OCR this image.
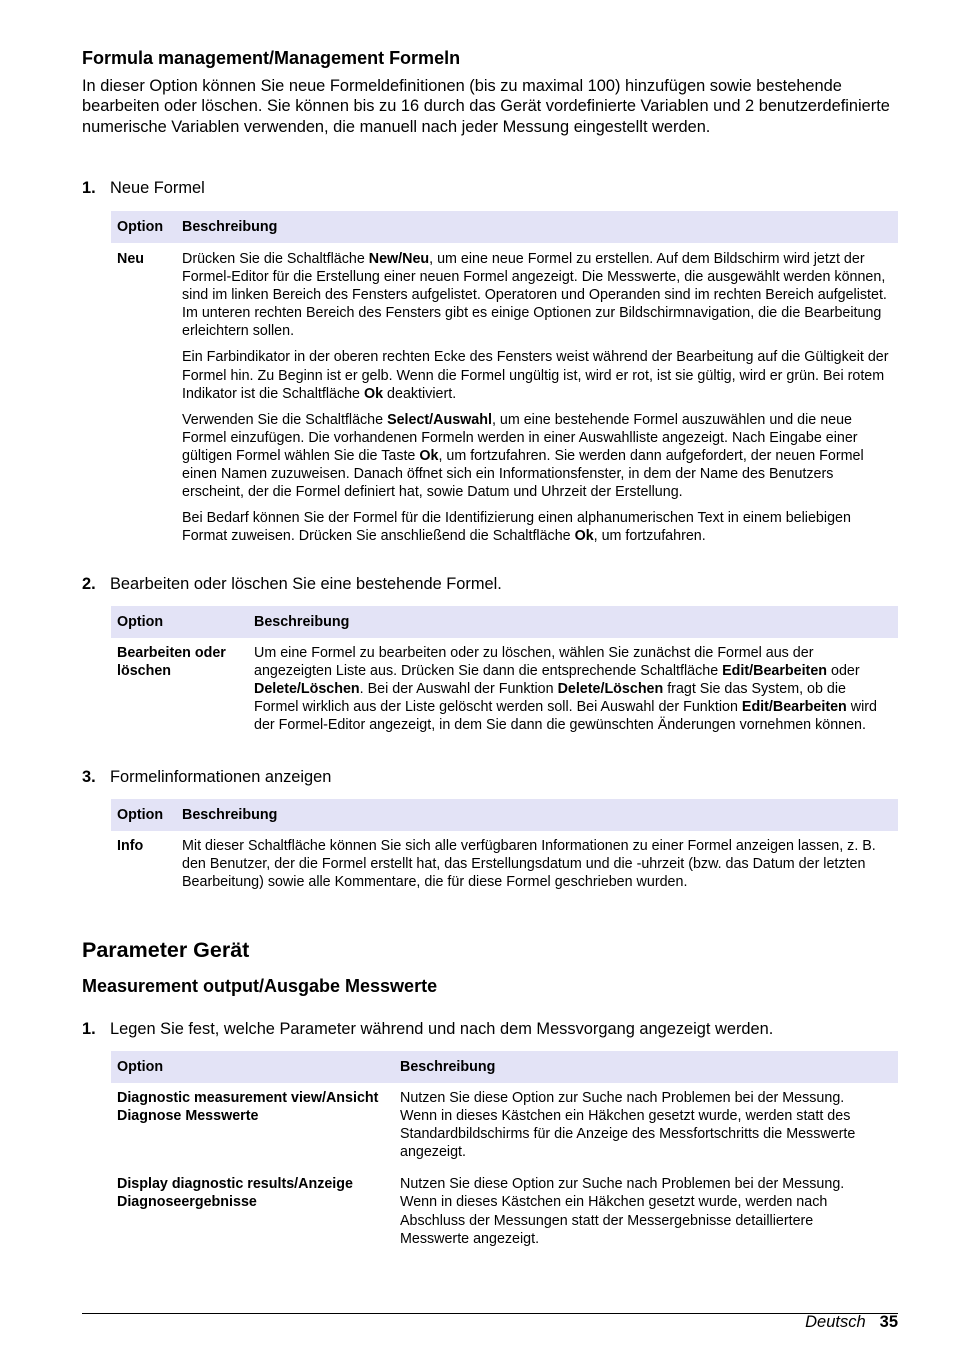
Formula management/Management Formeln

In dieser Option können Sie neue Formeldefinitionen (bis zu maximal 100) hinzufügen sowie bestehende bearbeiten oder löschen. Sie können bis zu 16 durch das Gerät vordefinierte Variablen und 2 benutzerdefinierte numerische Variablen verwenden, die manuell nach jeder Messung eingestellt werden.

1. Neue Formel
Option	Beschreibung
Neu	Drücken Sie die Schaltfläche New/Neu, um eine neue Formel zu erstellen. Auf dem Bildschirm wird jetzt der Formel-Editor für die Erstellung einer neuen Formel angezeigt. Die Messwerte, die ausgewählt werden können, sind im linken Bereich des Fensters aufgelistet. Operatoren und Operanden sind im rechten Bereich aufgelistet. Im unteren rechten Bereich des Fensters gibt es einige Optionen zur Bildschirmnavigation, die die Bearbeitung erleichtern sollen.
Ein Farbindikator in der oberen rechten Ecke des Fensters weist während der Bearbeitung auf die Gültigkeit der Formel hin. Zu Beginn ist er gelb. Wenn die Formel ungültig ist, wird er rot, ist sie gültig, wird er grün. Bei rotem Indikator ist die Schaltfläche Ok deaktiviert.
Verwenden Sie die Schaltfläche Select/Auswahl, um eine bestehende Formel auszuwählen und die neue Formel einzufügen. Die vorhandenen Formeln werden in einer Auswahlliste angezeigt. Nach Eingabe einer gültigen Formel wählen Sie die Taste Ok, um fortzufahren. Sie werden dann aufgefordert, der neuen Formel einen Namen zuzuweisen. Danach öffnet sich ein Informationsfenster, in dem der Name des Benutzers erscheint, der die Formel definiert hat, sowie Datum und Uhrzeit der Erstellung.
Bei Bedarf können Sie der Formel für die Identifizierung einen alphanumerischen Text in einem beliebigen Format zuweisen. Drücken Sie anschließend die Schaltfläche Ok, um fortzufahren.
2. Bearbeiten oder löschen Sie eine bestehende Formel.
Option	Beschreibung
Bearbeiten oder löschen	Um eine Formel zu bearbeiten oder zu löschen, wählen Sie zunächst die Formel aus der angezeigten Liste aus. Drücken Sie dann die entsprechende Schaltfläche Edit/Bearbeiten oder Delete/Löschen. Bei der Auswahl der Funktion Delete/Löschen fragt Sie das System, ob die Formel wirklich aus der Liste gelöscht werden soll. Bei Auswahl der Funktion Edit/Bearbeiten wird der Formel-Editor angezeigt, in dem Sie dann die gewünschten Änderungen vornehmen können.
3. Formelinformationen anzeigen
Option	Beschreibung
Info	Mit dieser Schaltfläche können Sie sich alle verfügbaren Informationen zu einer Formel anzeigen lassen, z. B. den Benutzer, der die Formel erstellt hat, das Erstellungsdatum und die -uhrzeit (bzw. das Datum der letzten Bearbeitung) sowie alle Kommentare, die für diese Formel geschrieben wurden.
Parameter Gerät
Measurement output/Ausgabe Messwerte
1. Legen Sie fest, welche Parameter während und nach dem Messvorgang angezeigt werden.
Option	Beschreibung
Diagnostic measurement view/Ansicht Diagnose Messwerte	Nutzen Sie diese Option zur Suche nach Problemen bei der Messung. Wenn in dieses Kästchen ein Häkchen gesetzt wurde, werden statt des Standardbildschirms für die Anzeige des Messfortschritts die Messwerte angezeigt.
Display diagnostic results/Anzeige Diagnoseergebnisse	Nutzen Sie diese Option zur Suche nach Problemen bei der Messung. Wenn in dieses Kästchen ein Häkchen gesetzt wurde, werden nach Abschluss der Messungen statt der Messergebnisse detailliertere Messwerte angezeigt.
Deutsch 35
